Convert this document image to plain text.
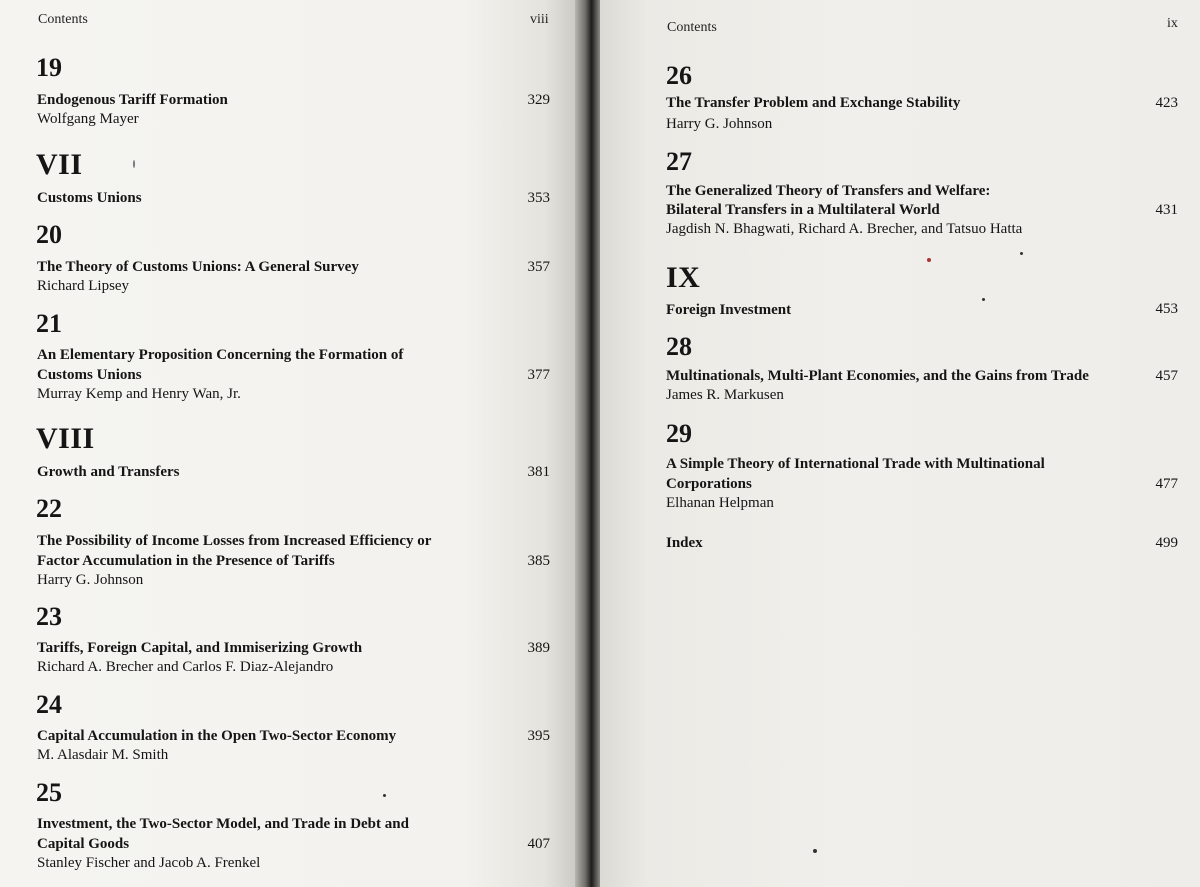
Contents	viii
19
Endogenous Tariff Formation	329
Wolfgang Mayer
VII
Customs Unions	353
20
The Theory of Customs Unions: A General Survey	357
Richard Lipsey
21
An Elementary Proposition Concerning the Formation of
Customs Unions	377
Murray Kemp and Henry Wan, Jr.
VIII
Growth and Transfers	381
22
The Possibility of Income Losses from Increased Efficiency or
Factor Accumulation in the Presence of Tariffs	385
Harry G. Johnson
23
Tariffs, Foreign Capital, and Immiserizing Growth	389
Richard A. Brecher and Carlos F. Diaz-Alejandro
24
Capital Accumulation in the Open Two-Sector Economy	395
M. Alasdair M. Smith
25
Investment, the Two-Sector Model, and Trade in Debt and
Capital Goods	407
Stanley Fischer and Jacob A. Frenkel
Contents	ix
26
The Transfer Problem and Exchange Stability	423
Harry G. Johnson
27
The Generalized Theory of Transfers and Welfare:
Bilateral Transfers in a Multilateral World	431
Jagdish N. Bhagwati, Richard A. Brecher, and Tatsuo Hatta
IX
Foreign Investment	453
28
Multinationals, Multi-Plant Economies, and the Gains from Trade	457
James R. Markusen
29
A Simple Theory of International Trade with Multinational
Corporations	477
Elhanan Helpman
Index	499
